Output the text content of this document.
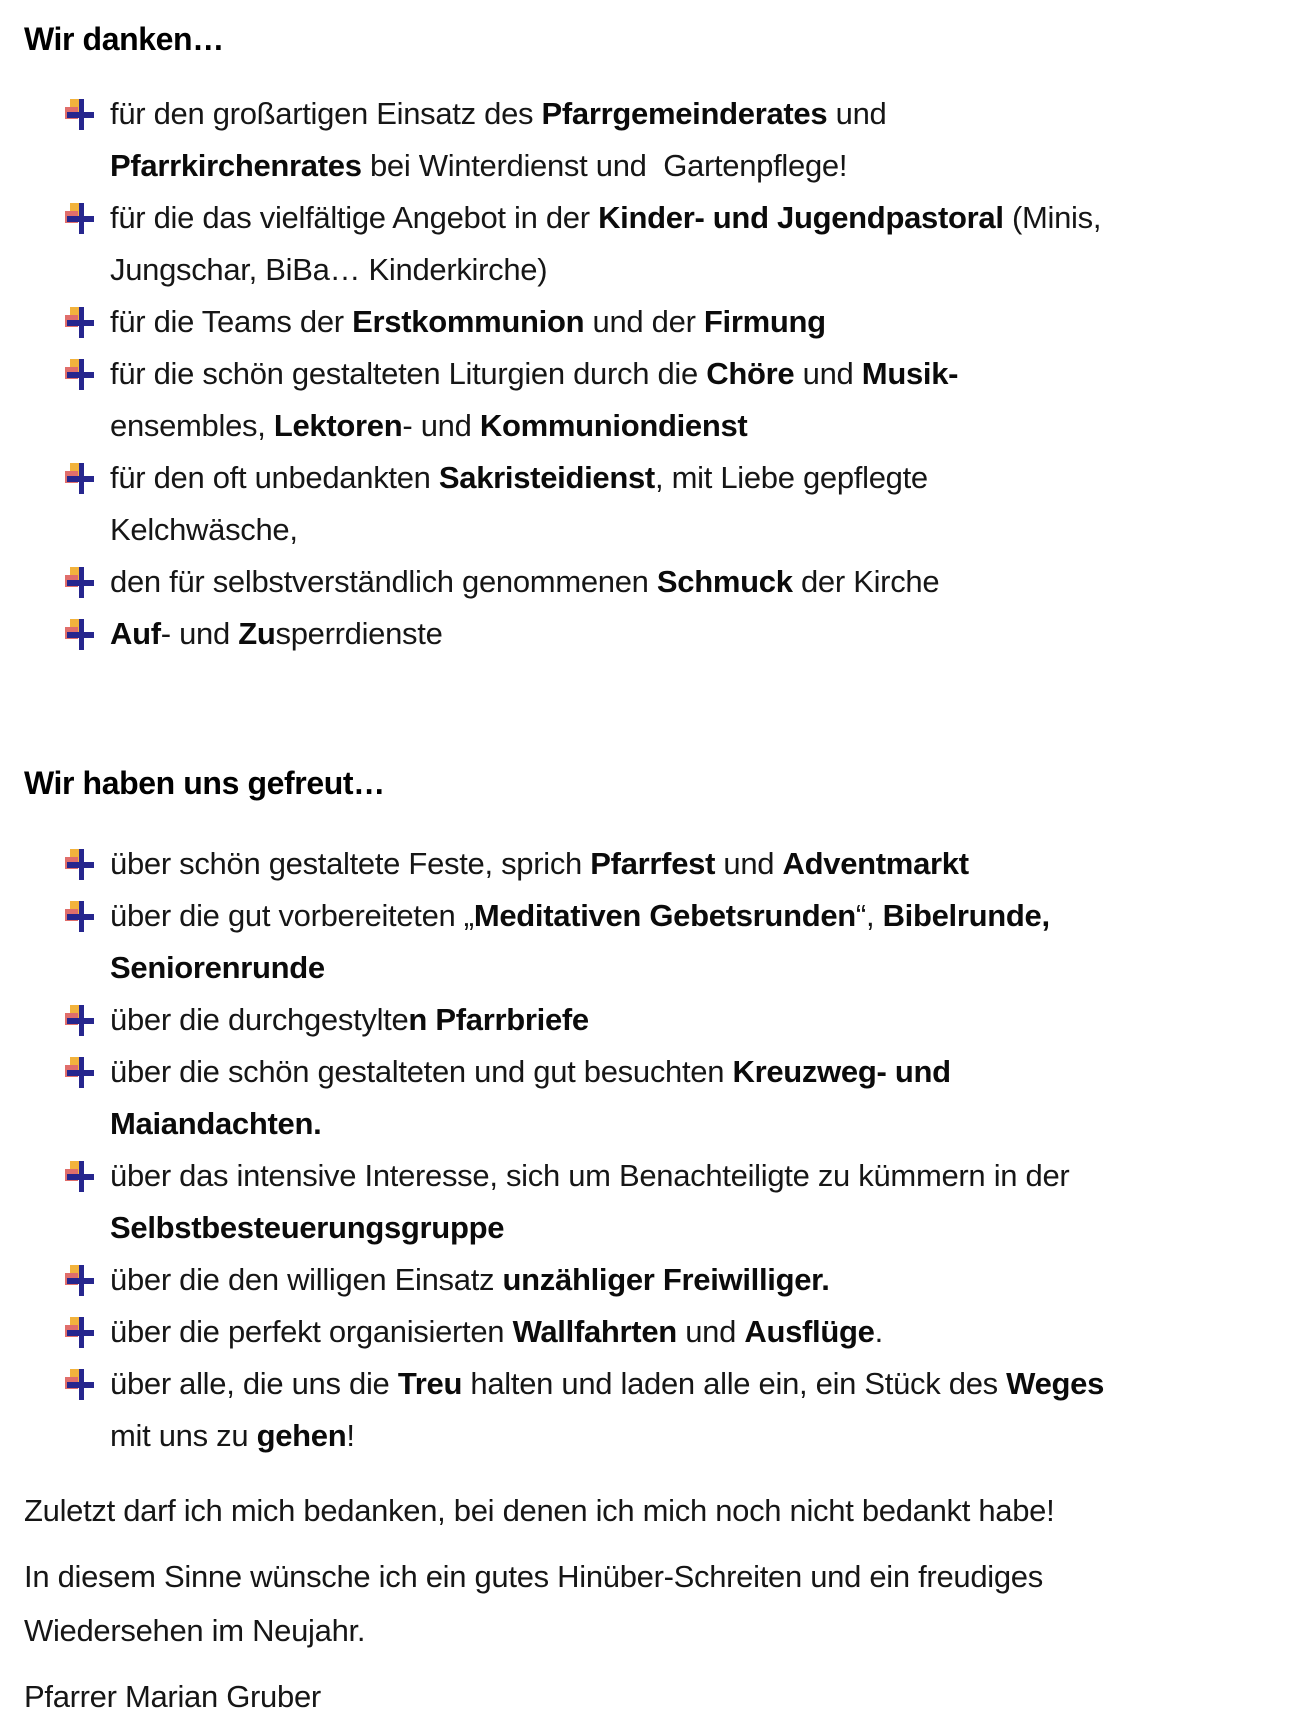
Wir danken…
für den großartigen Einsatz des Pfarrgemeinderates und
Pfarrkirchenrates bei Winterdienst und  Gartenpflege!
für die das vielfältige Angebot in der Kinder- und Jugendpastoral (Minis,
Jungschar, BiBa… Kinderkirche)
für die Teams der Erstkommunion und der Firmung
für die schön gestalteten Liturgien durch die Chöre und Musik-
ensembles, Lektoren- und Kommuniondienst
für den oft unbedankten Sakristeidienst, mit Liebe gepflegte
Kelchwäsche,
den für selbstverständlich genommenen Schmuck der Kirche
Auf- und Zusperrdienste
Wir haben uns gefreut…
über schön gestaltete Feste, sprich Pfarrfest und Adventmarkt
über die gut vorbereiteten „Meditativen Gebetsrunden“, Bibelrunde,
Seniorenrunde
über die durchgestylten Pfarrbriefe
über die schön gestalteten und gut besuchten Kreuzweg- und
Maiandachten.
über das intensive Interesse, sich um Benachteiligte zu kümmern in der
Selbstbesteuerungsgruppe
über die den willigen Einsatz unzähliger Freiwilliger.
über die perfekt organisierten Wallfahrten und Ausflüge.
über alle, die uns die Treu halten und laden alle ein, ein Stück des Weges
mit uns zu gehen!

Zuletzt darf ich mich bedanken, bei denen ich mich noch nicht bedankt habe!

In diesem Sinne wünsche ich ein gutes Hinüber-Schreiten und ein freudiges
Wiedersehen im Neujahr.

Pfarrer Marian Gruber
